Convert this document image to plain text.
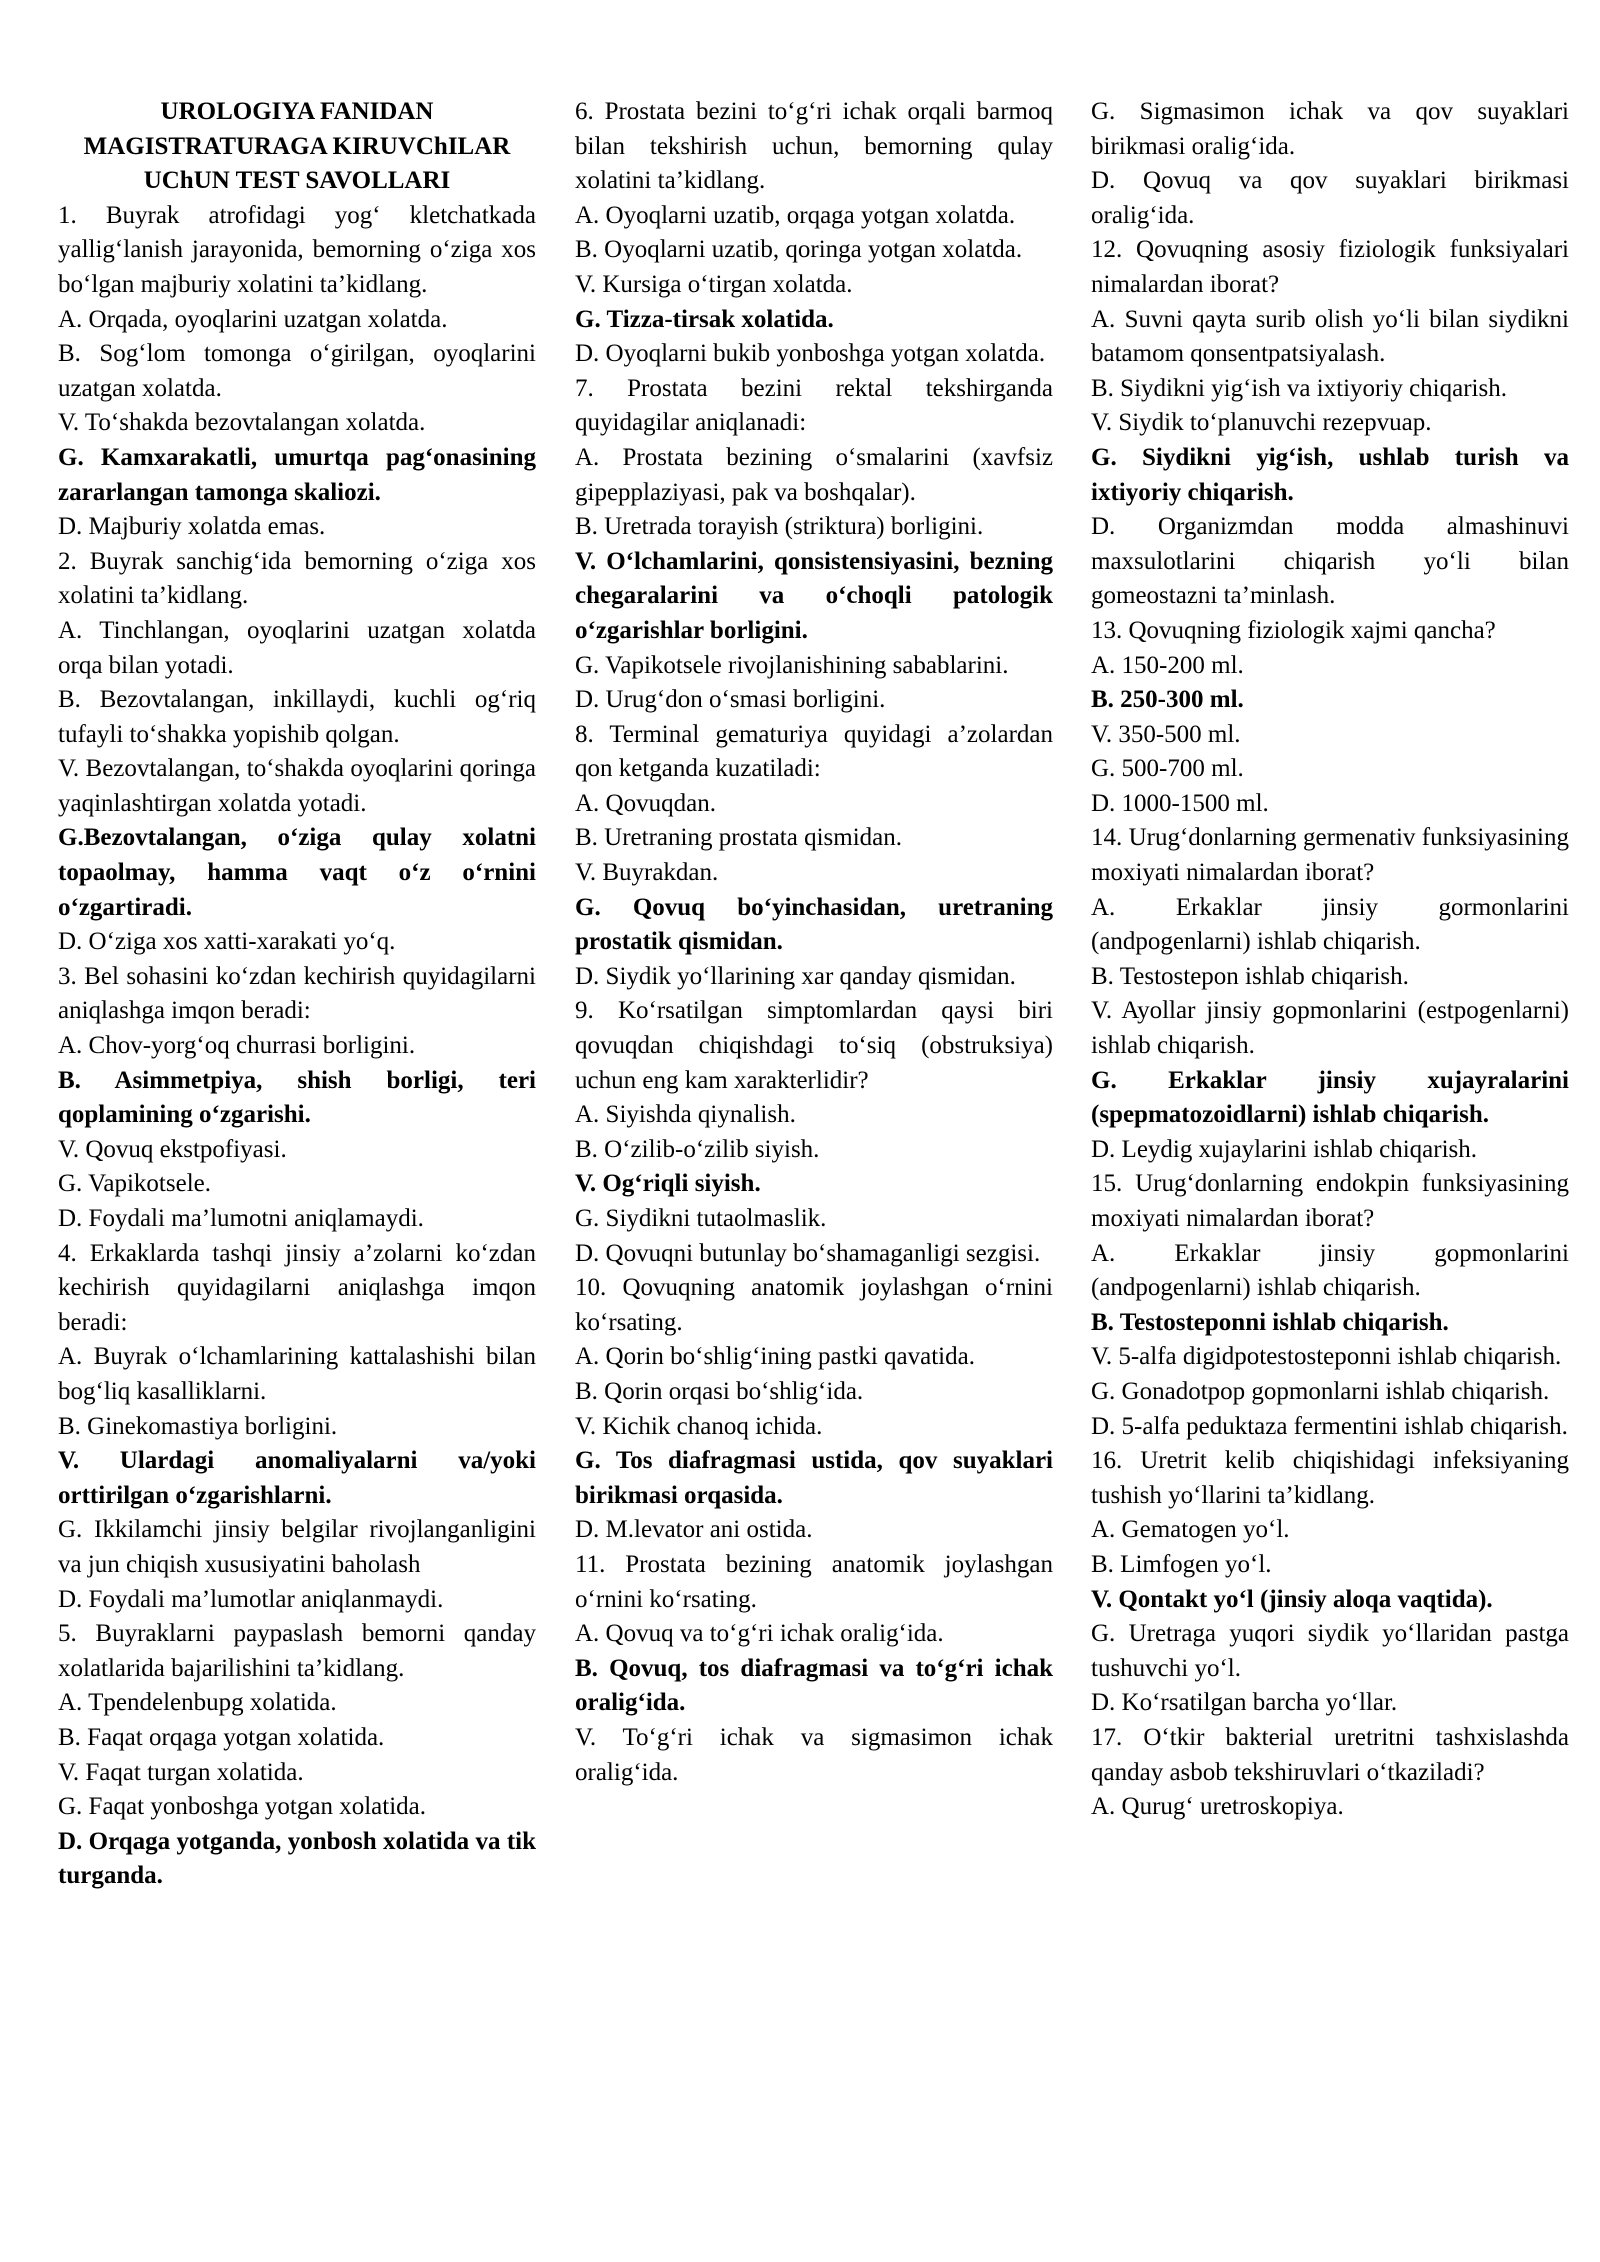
UROLOGIYA FANIDAN MAGISTRATURAGA KIRUVChILAR UChUN TEST SAVOLLARI
1. Buyrak atrofidagi yog‘ kletchatkada yallig‘lanish jarayonida, bemorning o‘ziga xos bo‘lgan majburiy xolatini ta’kidlang.
A. Orqada, oyoqlarini uzatgan xolatda.
B. Sog‘lom tomonga o‘girilgan, oyoqlarini uzatgan xolatda.
V. To‘shakda bezovtalangan xolatda.
G. Kamxarakatli, umurtqa pag‘onasining zararlangan tamonga skaliozi.
D. Majburiy xolatda emas.
2. Buyrak sanchig‘ida bemorning o‘ziga xos xolatini ta’kidlang.
A. Tinchlangan, oyoqlarini uzatgan xolatda orqa bilan yotadi.
B. Bezovtalangan, inkillaydi, kuchli og‘riq tufayli to‘shakka yopishib qolgan.
V. Bezovtalangan, to‘shakda oyoqlarini qoringa yaqinlashtirgan xolatda yotadi.
G.Bezovtalangan, o‘ziga qulay xolatni topaolmay, hamma vaqt o‘z o‘rnini o‘zgartiradi.
D. O‘ziga xos xatti-xarakati yo‘q.
3. Bel sohasini ko‘zdan kechirish quyidagilarni aniqlashga imqon beradi:
A. Chov-yorg‘oq churrasi borligini.
B. Asimmetpiya, shish borligi, teri qoplamining o‘zgarishi.
V. Qovuq ekstpofiyasi.
G. Vapikotsele.
D. Foydali ma’lumotni aniqlamaydi.
4. Erkaklarda tashqi jinsiy a’zolarni ko‘zdan kechirish quyidagilarni aniqlashga imqon beradi:
A. Buyrak o‘lchamlarining kattalashishi bilan bog‘liq kasalliklarni.
B. Ginekomastiya borligini.
V. Ulardagi anomaliyalarni va/yoki orttirilgan o‘zgarishlarni.
G. Ikkilamchi jinsiy belgilar rivojlanganligini va jun chiqish xususiyatini baholash
D. Foydali ma’lumotlar aniqlanmaydi.
5. Buyraklarni paypaslash bemorni qanday xolatlarida bajarilishini ta’kidlang.
A. Tpendelenbupg xolatida.
B. Faqat orqaga yotgan xolatida.
V. Faqat turgan xolatida.
G. Faqat yonboshga yotgan xolatida.
D. Orqaga yotganda, yonbosh xolatida va tik turganda.
6. Prostata bezini to‘g‘ri ichak orqali barmoq bilan tekshirish uchun, bemorning qulay xolatini ta’kidlang.
A. Oyoqlarni uzatib, orqaga yotgan xolatda.
B. Oyoqlarni uzatib, qoringa yotgan xolatda.
V. Kursiga o‘tirgan xolatda.
G. Tizza-tirsak xolatida.
D. Oyoqlarni bukib yonboshga yotgan xolatda.
7. Prostata bezini rektal tekshirganda quyidagilar aniqlanadi:
A. Prostata bezining o‘smalarini (xavfsiz gipepplaziyasi, pak va boshqalar).
B. Uretrada torayish (striktura) borligini.
V. O‘lchamlarini, qonsistensiyasini, bezning chegaralarini va o‘choqli patologik o‘zgarishlar borligini.
G. Vapikotsele rivojlanishining sabablarini.
D. Urug‘don o‘smasi borligini.
8. Terminal gematuriya quyidagi a’zolardan qon ketganda kuzatiladi:
A. Qovuqdan.
B. Uretraning prostata qismidan.
V. Buyrakdan.
G. Qovuq bo‘yinchasidan, uretraning prostatik qismidan.
D. Siydik yo‘llarining xar qanday qismidan.
9. Ko‘rsatilgan simptomlardan qaysi biri qovuqdan chiqishdagi to‘siq (obstruksiya) uchun eng kam xarakterlidir?
A. Siyishda qiynalish.
B. O‘zilib-o‘zilib siyish.
V. Og‘riqli siyish.
G. Siydikni tutaolmaslik.
D. Qovuqni butunlay bo‘shamaganligi sezgisi.
10. Qovuqning anatomik joylashgan o‘rnini ko‘rsating.
A. Qorin bo‘shlig‘ining pastki qavatida.
B. Qorin orqasi bo‘shlig‘ida.
V. Kichik chanoq ichida.
G. Tos diafragmasi ustida, qov suyaklari birikmasi orqasida.
D. M.levator ani ostida.
11. Prostata bezining anatomik joylashgan o‘rnini ko‘rsating.
A. Qovuq va to‘g‘ri ichak oralig‘ida.
B. Qovuq, tos diafragmasi va to‘g‘ri ichak oralig‘ida.
V. To‘g‘ri ichak va sigmasimon ichak oralig‘ida.
G. Sigmasimon ichak va qov suyaklari birikmasi oralig‘ida.
D. Qovuq va qov suyaklari birikmasi oralig‘ida.
12. Qovuqning asosiy fiziologik funksiyalari nimalardan iborat?
A. Suvni qayta surib olish yo‘li bilan siydikni batamom qonsentpatsiyalash.
B. Siydikni yig‘ish va ixtiyoriy chiqarish.
V. Siydik to‘planuvchi rezepvuap.
G. Siydikni yig‘ish, ushlab turish va ixtiyoriy chiqarish.
D. Organizmdan modda almashinuvi maxsulotlarini chiqarish yo‘li bilan gomeostazni ta’minlash.
13. Qovuqning fiziologik xajmi qancha?
A. 150-200 ml.
B. 250-300 ml.
V. 350-500 ml.
G. 500-700 ml.
D. 1000-1500 ml.
14. Urug‘donlarning germenativ funksiyasining moxiyati nimalardan iborat?
A. Erkaklar jinsiy gormonlarini (andpogenlarni) ishlab chiqarish.
B. Testostepon ishlab chiqarish.
V. Ayollar jinsiy gopmonlarini (estpogenlarni) ishlab chiqarish.
G. Erkaklar jinsiy xujayralarini (spepmatozoidlarni) ishlab chiqarish.
D. Leydig xujaylarini ishlab chiqarish.
15. Urug‘donlarning endokpin funksiyasining moxiyati nimalardan iborat?
A. Erkaklar jinsiy gopmonlarini (andpogenlarni) ishlab chiqarish.
B. Testosteponni ishlab chiqarish.
V. 5-alfa digidpotestosteponni ishlab chiqarish.
G. Gonadotpop gopmonlarni ishlab chiqarish.
D. 5-alfa peduktaza fermentini ishlab chiqarish.
16. Uretrit kelib chiqishidagi infeksiyaning tushish yo‘llarini ta’kidlang.
A. Gematogen yo‘l.
B. Limfogen yo‘l.
V. Qontakt yo‘l (jinsiy aloqa vaqtida).
G. Uretraga yuqori siydik yo‘llaridan pastga tushuvchi yo‘l.
D. Ko‘rsatilgan barcha yo‘llar.
17. O‘tkir bakterial uretritni tashxislashda qanday asbob tekshiruvlari o‘tkaziladi?
A. Qurug‘ uretroskopiya.
